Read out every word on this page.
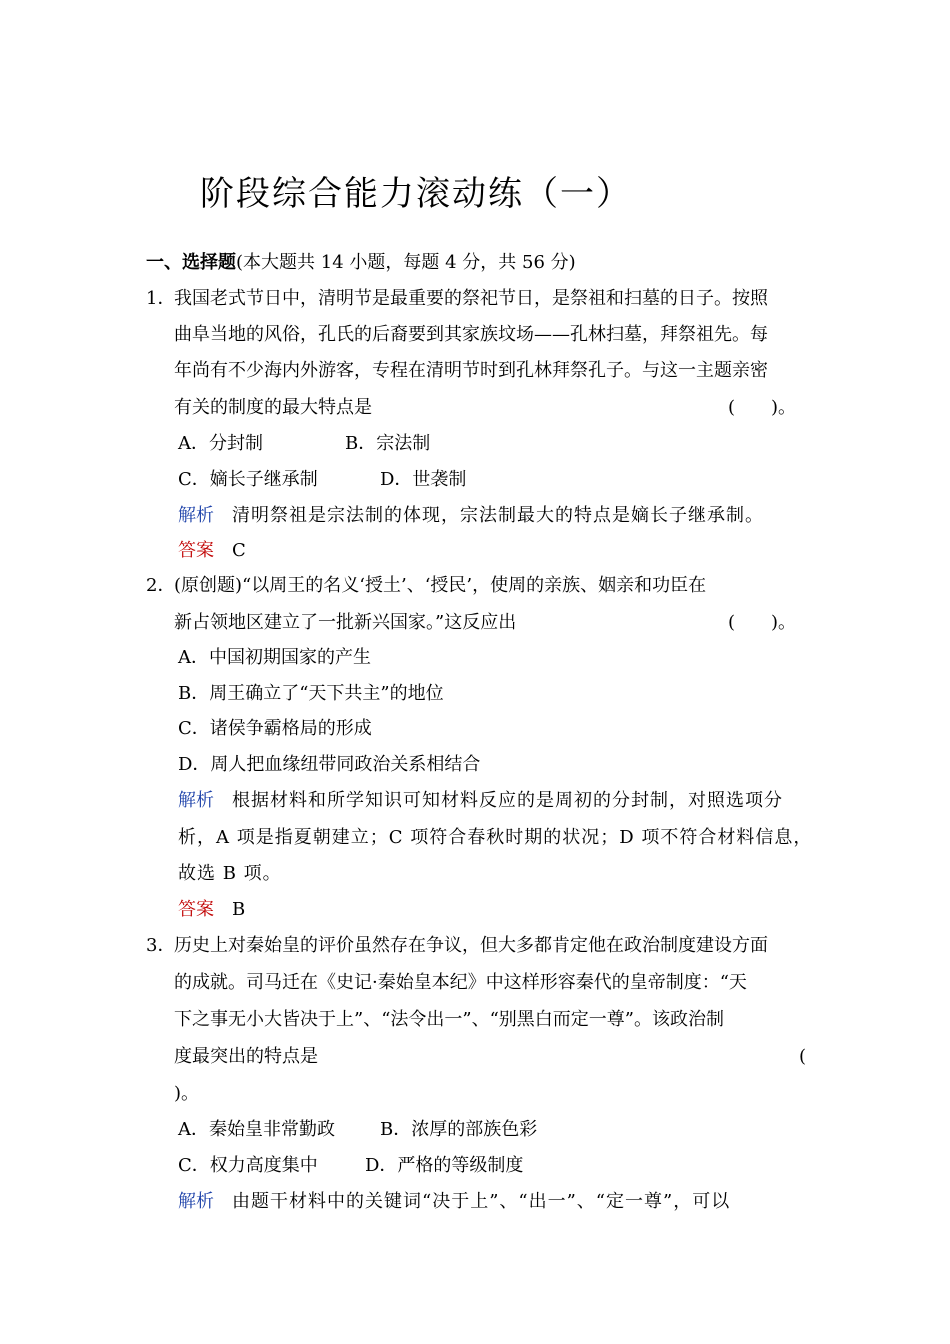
阶段综合能力滚动练（一）
一、选择题(本大题共 14 小题，每题 4 分，共 56 分)
1．
我国老式节日中，清明节是最重要的祭祀节日，是祭祖和扫墓的日子。按照
曲阜当地的风俗，孔氏的后裔要到其家族坟场——孔林扫墓，拜祭祖先。每
年尚有不少海内外游客，专程在清明节时到孔林拜祭孔子。与这一主题亲密
有关的制度的最大特点是	(　　)。
A．分封制	B．宗法制
C．嫡长子继承制	D．世袭制
解析 清明祭祖是宗法制的体现，宗法制最大的特点是嫡长子继承制。
答案 C
2．
(原创题)“以周王的名义‘授土’、‘授民’，使周的亲族、姻亲和功臣在
新占领地区建立了一批新兴国家。”这反应出	(　　)。
A．中国初期国家的产生
B．周王确立了“天下共主”的地位
C．诸侯争霸格局的形成
D．周人把血缘纽带同政治关系相结合
解析 根据材料和所学知识可知材料反应的是周初的分封制，对照选项分
析，A 项是指夏朝建立；C 项符合春秋时期的状况；D 项不符合材料信息，
故选 B 项。
答案 B
3．
历史上对秦始皇的评价虽然存在争议，但大多都肯定他在政治制度建设方面
的成就。司马迁在《史记·秦始皇本纪》中这样形容秦代的皇帝制度：“天
下之事无小大皆决于上”、“法令出一”、“别黑白而定一尊”。该政治制
度最突出的特点是	(
)。
A．秦始皇非常勤政	B．浓厚的部族色彩
C．权力高度集中	D．严格的等级制度
解析 由题干材料中的关键词“决于上”、“出一”、“定一尊”，可以
